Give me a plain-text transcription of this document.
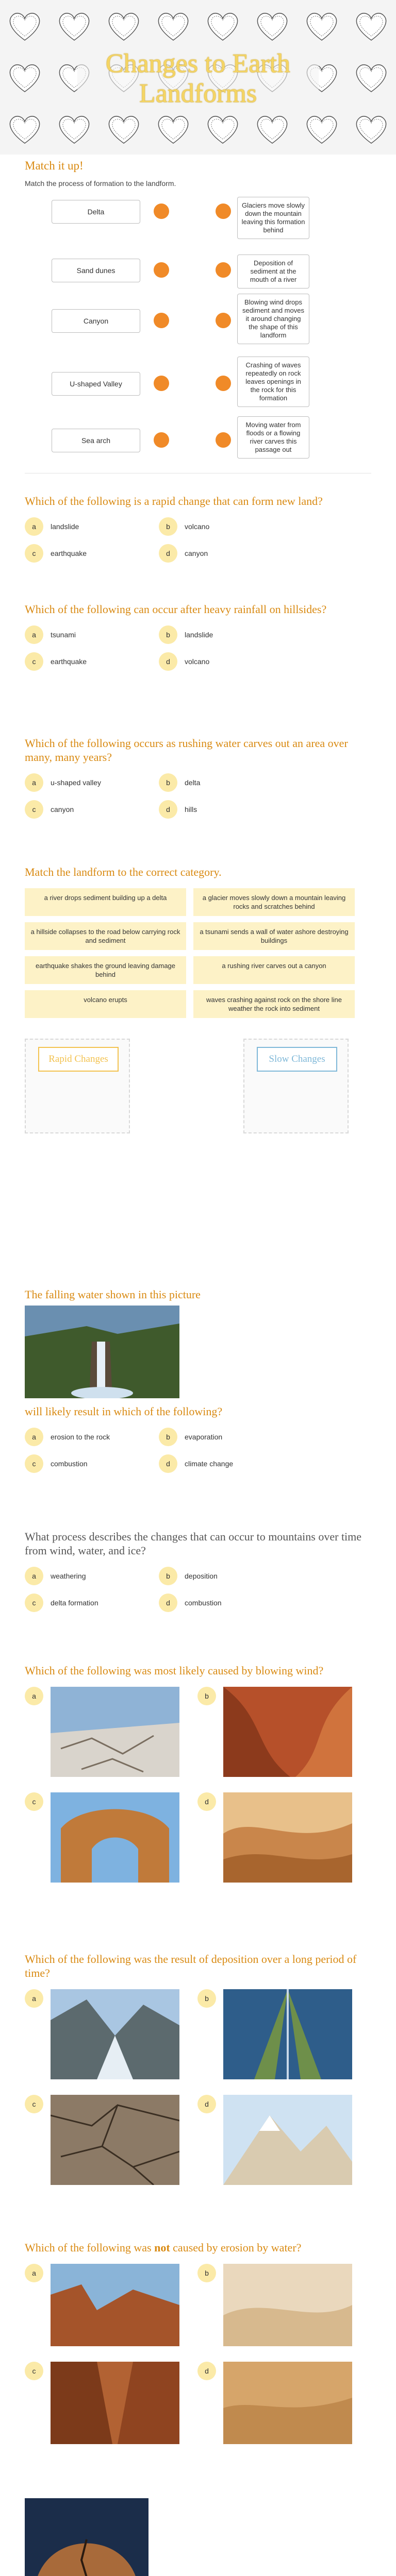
Changes to Earth
Landforms
Match it up!
Match the process of formation to the landform.
Delta
Glaciers move slowly down the mountain leaving this formation behind
Sand dunes
Deposition of sediment at the mouth of a river
Canyon
Blowing wind drops sediment and moves it around changing the shape of this landform
U-shaped Valley
Crashing of waves repeatedly on rock leaves openings in the rock for this formation
Sea arch
Moving water from floods or a flowing river carves this passage out
Which of the following is a rapid change that can form new land?
a	landslide	b	volcano
c	earthquake	d	canyon
Which of the following can occur after heavy rainfall on hillsides?
a	tsunami	b	landslide
c	earthquake	d	volcano
Which of the following occurs as rushing water carves out an area over many, many years?
a	u-shaped valley	b	delta
c	canyon	d	hills
Match the landform to the correct category.
a river drops sediment building up a delta	a glacier moves slowly down a mountain leaving rocks and scratches behind
a hillside collapses to the road below carrying rock and sediment
a tsunami sends a wall of water ashore destroying buildings
earthquake shakes the ground leaving damage behind
a rushing river carves out a canyon
volcano erupts	waves crashing against rock on the shore line weather the rock into sediment
Rapid Changes	Slow Changes
The falling water shown in this picture
will likely result in which of the following?
a	erosion to the rock	b	evaporation
c	combustion	d	climate change
What process describes the changes that can occur to mountains over time from wind, water, and ice?
a	weathering	b	deposition
c	delta formation	d	combustion
Which of the following was most likely caused by blowing wind?
a	b
c	d
Which of the following was the result of deposition over a long period of time?
a	b
c	d
Which of the following was not caused by erosion by water?
a	b
c	d
